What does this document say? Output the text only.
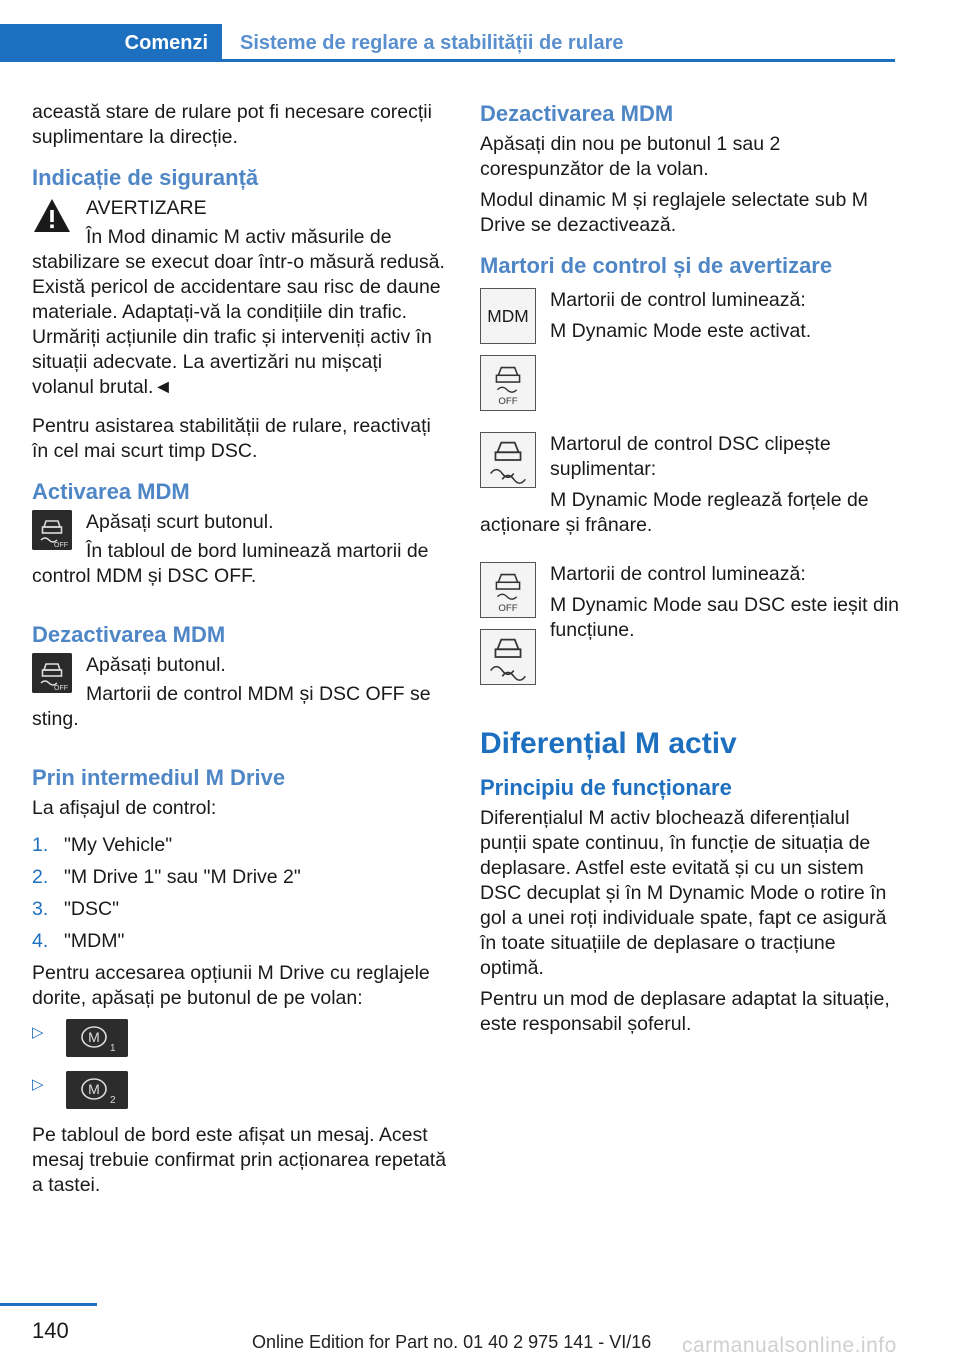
Comenzi	Sisteme de reglare a stabilității de rulare

această stare de rulare pot fi necesare corecții suplimentare la direcție.

Indicație de siguranță

AVERTIZARE

În Mod dinamic M activ măsurile de stabilizare se execut doar într-o măsură redusă. Există pericol de accidentare sau risc de daune materiale. Adaptați-vă la condițiile din trafic. Urmăriți acțiunile din trafic și interveniți activ în situații adecvate. La avertizări nu mișcați volanul brutal.◄

Pentru asistarea stabilității de rulare, reactivați în cel mai scurt timp DSC.

Activarea MDM
OFF

Apăsați scurt butonul.

În tabloul de bord luminează martorii de control MDM și DSC OFF.

Dezactivarea MDM
OFF

Apăsați butonul.

Martorii de control MDM și DSC OFF se sting.

Prin intermediul M Drive

La afișajul de control:

1. "My Vehicle"
2. "M Drive 1" sau "M Drive 2"
3. "DSC"
4. "MDM"

Pentru accesarea opțiunii M Drive cu reglajele dorite, apăsați pe butonul de pe volan:

▷	M
1
▷	M
2

Pe tabloul de bord este afișat un mesaj. Acest mesaj trebuie confirmat prin acționarea repetată a tastei.

Dezactivarea MDM

Apăsați din nou pe butonul 1 sau 2 corespunzător de la volan.

Modul dinamic M și reglajele selectate sub M Drive se dezactivează.

Martori de control și de avertizare
MDM

OFF

Martorii de control luminează:

M Dynamic Mode este activat.

Martorul de control DSC clipește suplimentar:

M Dynamic Mode reglează forțele de acționare și frânare.

OFF

Martorii de control luminează:

M Dynamic Mode sau DSC este ieșit din funcțiune.

Diferențial M activ
Principiu de funcționare

Diferențialul M activ blochează diferențialul punții spate continuu, în funcție de situația de deplasare. Astfel este evitată și cu un sistem DSC decuplat și în M Dynamic Mode o rotire în gol a unei roți individuale spate, fapt ce asigură în toate situațiile de deplasare o tracțiune optimă.

Pentru un mod de deplasare adaptat la situație, este responsabil șoferul.

140	Online Edition for Part no. 01 40 2 975 141 - VI/16 carmanualsonline.info
